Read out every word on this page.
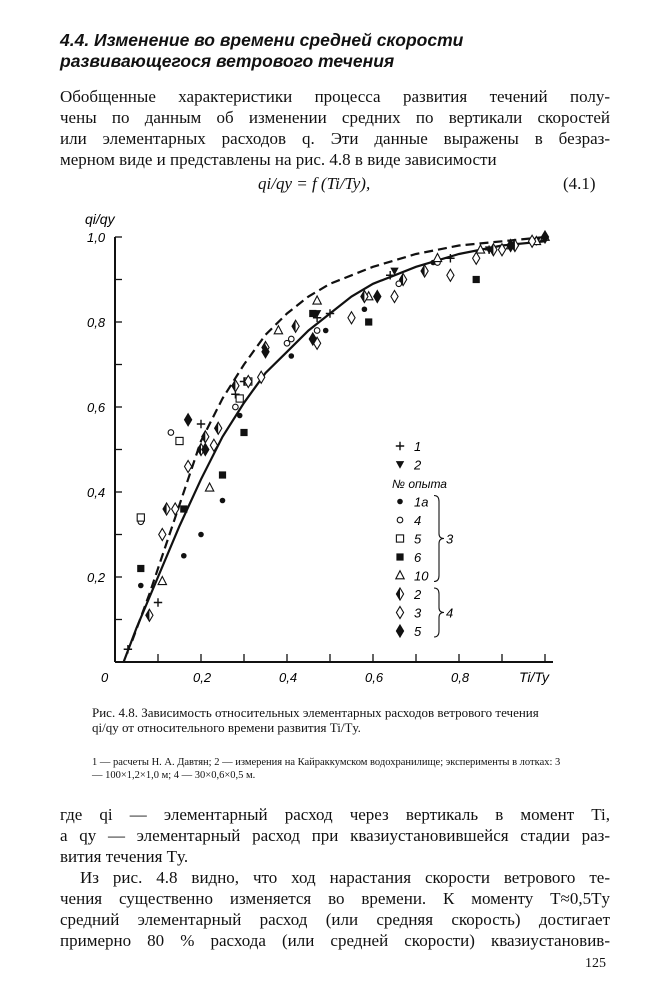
4.4. Изменение во времени средней скорости развивающегося ветрового течения
Обобщенные характеристики процесса развития течений полу-
чены по данным об изменении средних по вертикали скоростей
или элементарных расходов q. Эти данные выражены в безраз-
мерном виде и представлены на рис. 4.8 в виде зависимости
qi/qy = f (Ti/Ty),	(4.1)
0	0,2	0,4	0,6	0,8
0,2
0,4
0,6
0,8
1,0
Ti/Ty
qi/qy
1
2
№ опыта
1a
4
5
6
10
2
3
5
3
4
Рис. 4.8. Зависимость относительных элементарных расходов ветрового течения qi/qу от относительного времени развития Ti/Tу.
1 — расчеты Н. А. Давтян; 2 — измерения на Кайраккумском водохранилище; эксперименты в лотках: 3 — 100×1,2×1,0 м; 4 — 30×0,6×0,5 м.
где qi — элементарный расход через вертикаль в момент Ti,
а qу — элементарный расход при квазиустановившейся стадии раз-
вития течения Tу.
Из рис. 4.8 видно, что ход нарастания скорости ветрового те-
чения существенно изменяется во времени. К моменту T≈0,5Tу
средний элементарный расход (или средняя скорость) достигает
примерно 80 % расхода (или средней скорости) квазиустановив-
125
